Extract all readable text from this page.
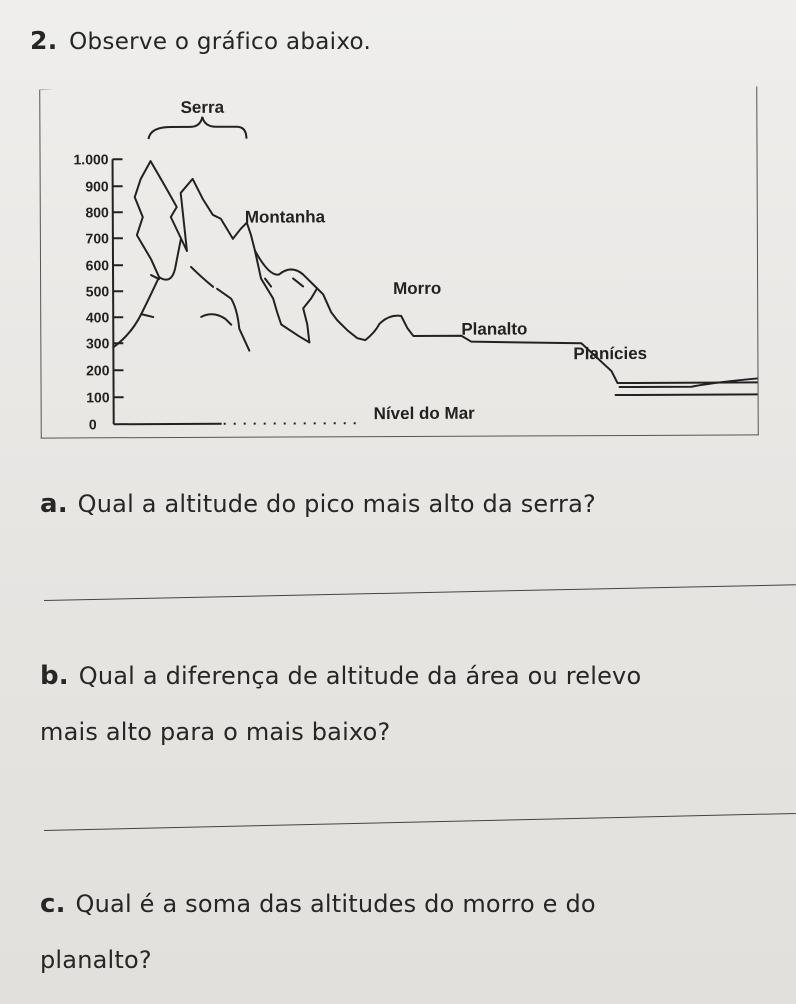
2. Observe o gráfico abaixo.
Serra
1.000
900
800
700
600
500
400
300
200
100
0
Nível do Mar
Montanha
Morro
Planalto
Planícies
a. Qual a altitude do pico mais alto da serra?
b. Qual a diferença de altitude da área ou relevo
mais alto para o mais baixo?
c. Qual é a soma das altitudes do morro e do
planalto?
